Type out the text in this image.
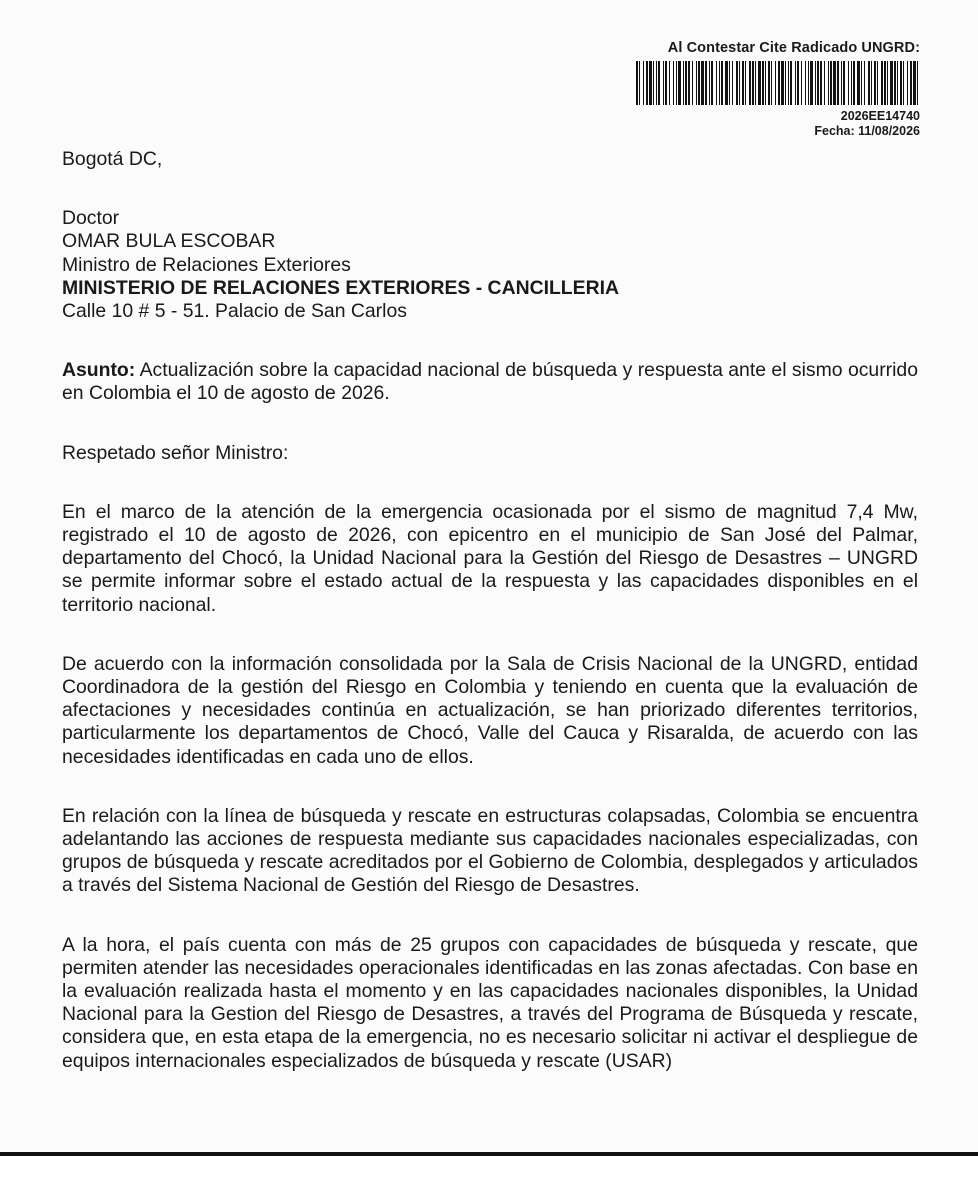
Al Contestar Cite Radicado UNGRD:
2026EE14740
Fecha: 11/08/2026

Bogotá DC,

Doctor

OMAR BULA ESCOBAR

Ministro de Relaciones Exteriores

MINISTERIO DE RELACIONES EXTERIORES - CANCILLERIA

Calle 10 # 5 - 51. Palacio de San Carlos

Asunto: Actualización sobre la capacidad nacional de búsqueda y respuesta ante el sismo ocurrido en Colombia el 10 de agosto de 2026.

Respetado señor Ministro:

En el marco de la atención de la emergencia ocasionada por el sismo de magnitud 7,4 Mw, registrado el 10 de agosto de 2026, con epicentro en el municipio de San José del Palmar, departamento del Chocó, la Unidad Nacional para la Gestión del Riesgo de Desastres – UNGRD se permite informar sobre el estado actual de la respuesta y las capacidades disponibles en el territorio nacional.

De acuerdo con la información consolidada por la Sala de Crisis Nacional de la UNGRD, entidad Coordinadora de la gestión del Riesgo en Colombia y teniendo en cuenta que la evaluación de afectaciones y necesidades continúa en actualización, se han priorizado diferentes territorios, particularmente los departamentos de Chocó, Valle del Cauca y Risaralda, de acuerdo con las necesidades identificadas en cada uno de ellos.

En relación con la línea de búsqueda y rescate en estructuras colapsadas, Colombia se encuentra adelantando las acciones de respuesta mediante sus capacidades nacionales especializadas, con grupos de búsqueda y rescate acreditados por el Gobierno de Colombia, desplegados y articulados a través del Sistema Nacional de Gestión del Riesgo de Desastres.

A la hora, el país cuenta con más de 25 grupos con capacidades de búsqueda y rescate, que permiten atender las necesidades operacionales identificadas en las zonas afectadas. Con base en la evaluación realizada hasta el momento y en las capacidades nacionales disponibles, la Unidad Nacional para la Gestion del Riesgo de Desastres, a través del Programa de Búsqueda y rescate, considera que, en esta etapa de la emergencia, no es necesario solicitar ni activar el despliegue de equipos internacionales especializados de búsqueda y rescate (USAR)
